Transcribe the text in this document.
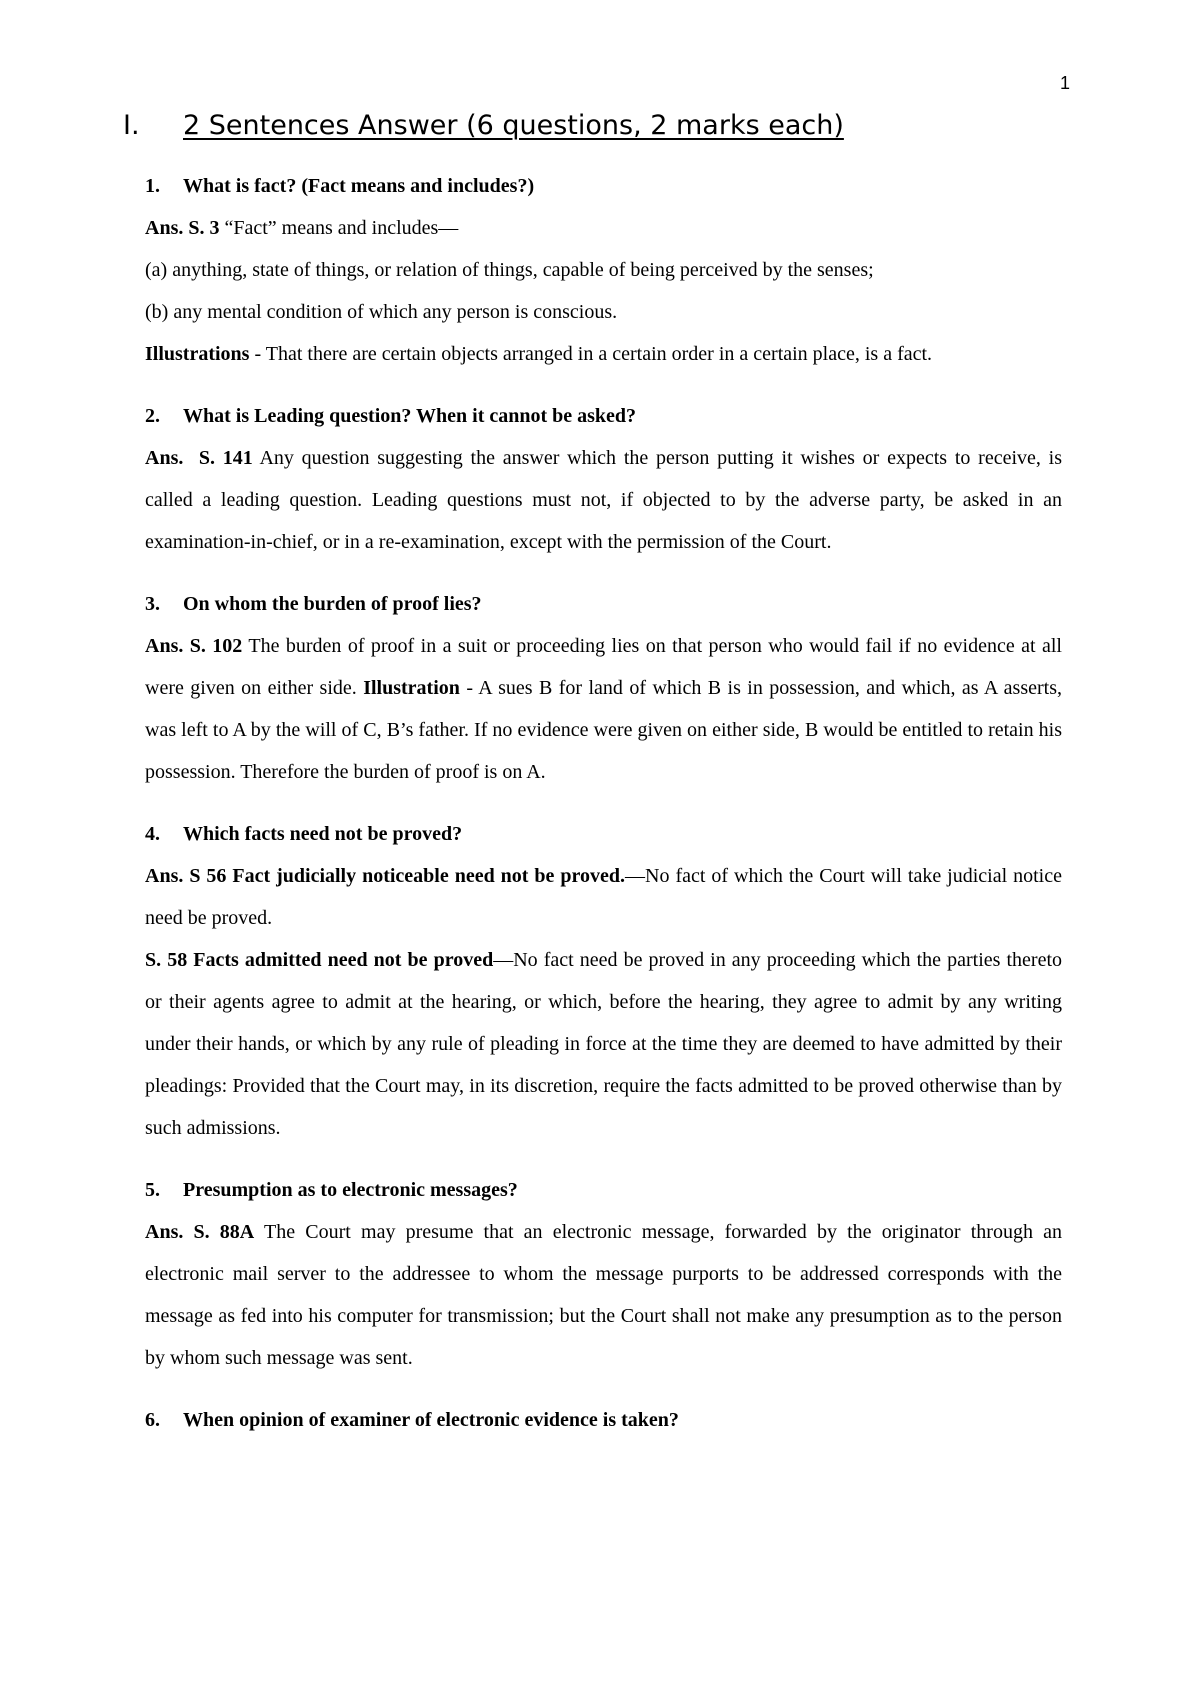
1
I. 2 Sentences Answer (6 questions, 2 marks each)
1.	What is fact? (Fact means and includes?)

Ans. S. 3 “Fact” means and includes—

(a) anything, state of things, or relation of things, capable of being perceived by the senses;

(b) any mental condition of which any person is conscious.

Illustrations - That there are certain objects arranged in a certain order in a certain place, is a fact.

2.	What is Leading question? When it cannot be asked?

Ans.  S. 141 Any question suggesting the answer which the person putting it wishes or expects to receive, is called a leading question. Leading questions must not, if objected to by the adverse party, be asked in an examination-in-chief, or in a re-examination, except with the permission of the Court.

3.	On whom the burden of proof lies?

Ans. S. 102 The burden of proof in a suit or proceeding lies on that person who would fail if no evidence at all were given on either side. Illustration - A sues B for land of which B is in possession, and which, as A asserts, was left to A by the will of C, B’s father. If no evidence were given on either side, B would be entitled to retain his possession. Therefore the burden of proof is on A.

4.	Which facts need not be proved?

Ans. S 56 Fact judicially noticeable need not be proved.—No fact of which the Court will take judicial notice need be proved.

S. 58 Facts admitted need not be proved—No fact need be proved in any proceeding which the parties thereto or their agents agree to admit at the hearing, or which, before the hearing, they agree to admit by any writing under their hands, or which by any rule of pleading in force at the time they are deemed to have admitted by their pleadings: Provided that the Court may, in its discretion, require the facts admitted to be proved otherwise than by such admissions.

5.	Presumption as to electronic messages?

Ans. S. 88A The Court may presume that an electronic message, forwarded by the originator through an electronic mail server to the addressee to whom the message purports to be addressed corresponds with the message as fed into his computer for transmission; but the Court shall not make any presumption as to the person by whom such message was sent.

6.	When opinion of examiner of electronic evidence is taken?
